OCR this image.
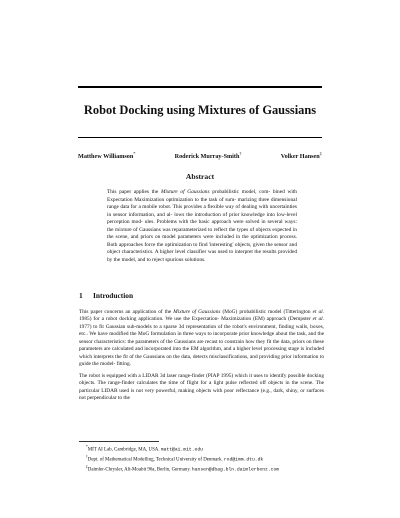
Robot Docking using Mixtures of Gaussians
Matthew Williamson*	Roderick Murray-Smith†	Volker Hansen‡
Abstract

This paper applies the Mixture of Gaussians probabilistic model, com- bined with Expectation Maximization optimization to the task of sum- marizing three dimensional range data for a mobile robot. This provides a flexible way of dealing with uncertainties in sensor information, and al- lows the introduction of prior knowledge into low-level perception mod- ules. Problems with the basic approach were solved in several ways: the mixture of Gaussians was reparameterized to reflect the types of objects expected in the scene, and priors on model parameters were included in the optimization process. Both approaches force the optimization to find 'interesting' objects, given the sensor and object characteristics. A higher level classifier was used to interpret the results provided by the model, and to reject spurious solutions.

1 Introduction

This paper concerns an application of the Mixture of Gaussians (MoG) probabilistic model (Titterington et al. 1985) for a robot docking application. We use the Expectation- Maximization (EM) approach (Dempster et al. 1977) to fit Gaussian sub-models to a sparse 3d representation of the robot's environment, finding walls, boxes, etc.. We have modified the MoG formulation in three ways to incorporate prior knowledge about the task, and the sensor characteristics: the parameters of the Gaussians are recast to constrain how they fit the data, priors on these parameters are calculated and incorporated into the EM algorithm, and a higher level processing stage is included which interprets the fit of the Gaussians on the data, detects misclassifications, and providing prior information to guide the model- fitting.

The robot is equipped with a LIDAR 3d laser range-finder (PIAP 1995) which it uses to identify possible docking objects. The range-finder calculates the time of flight for a light pulse reflected off objects in the scene. The particular LIDAR used is not very powerful, making objects with poor reflectance (e.g., dark, shiny, or surfaces not perpendicular to the

*MIT AI Lab, Cambridge, MA, USA. matt@ai.mit.edu
†Dept. of Mathematical Modelling, Technical University of Denmark. rod@imm.dtu.dk
‡Daimler-Chrysler, Alt-Moabit 96a, Berlin, Germany. hansen@dbag.bln.daimlerbenz.com
